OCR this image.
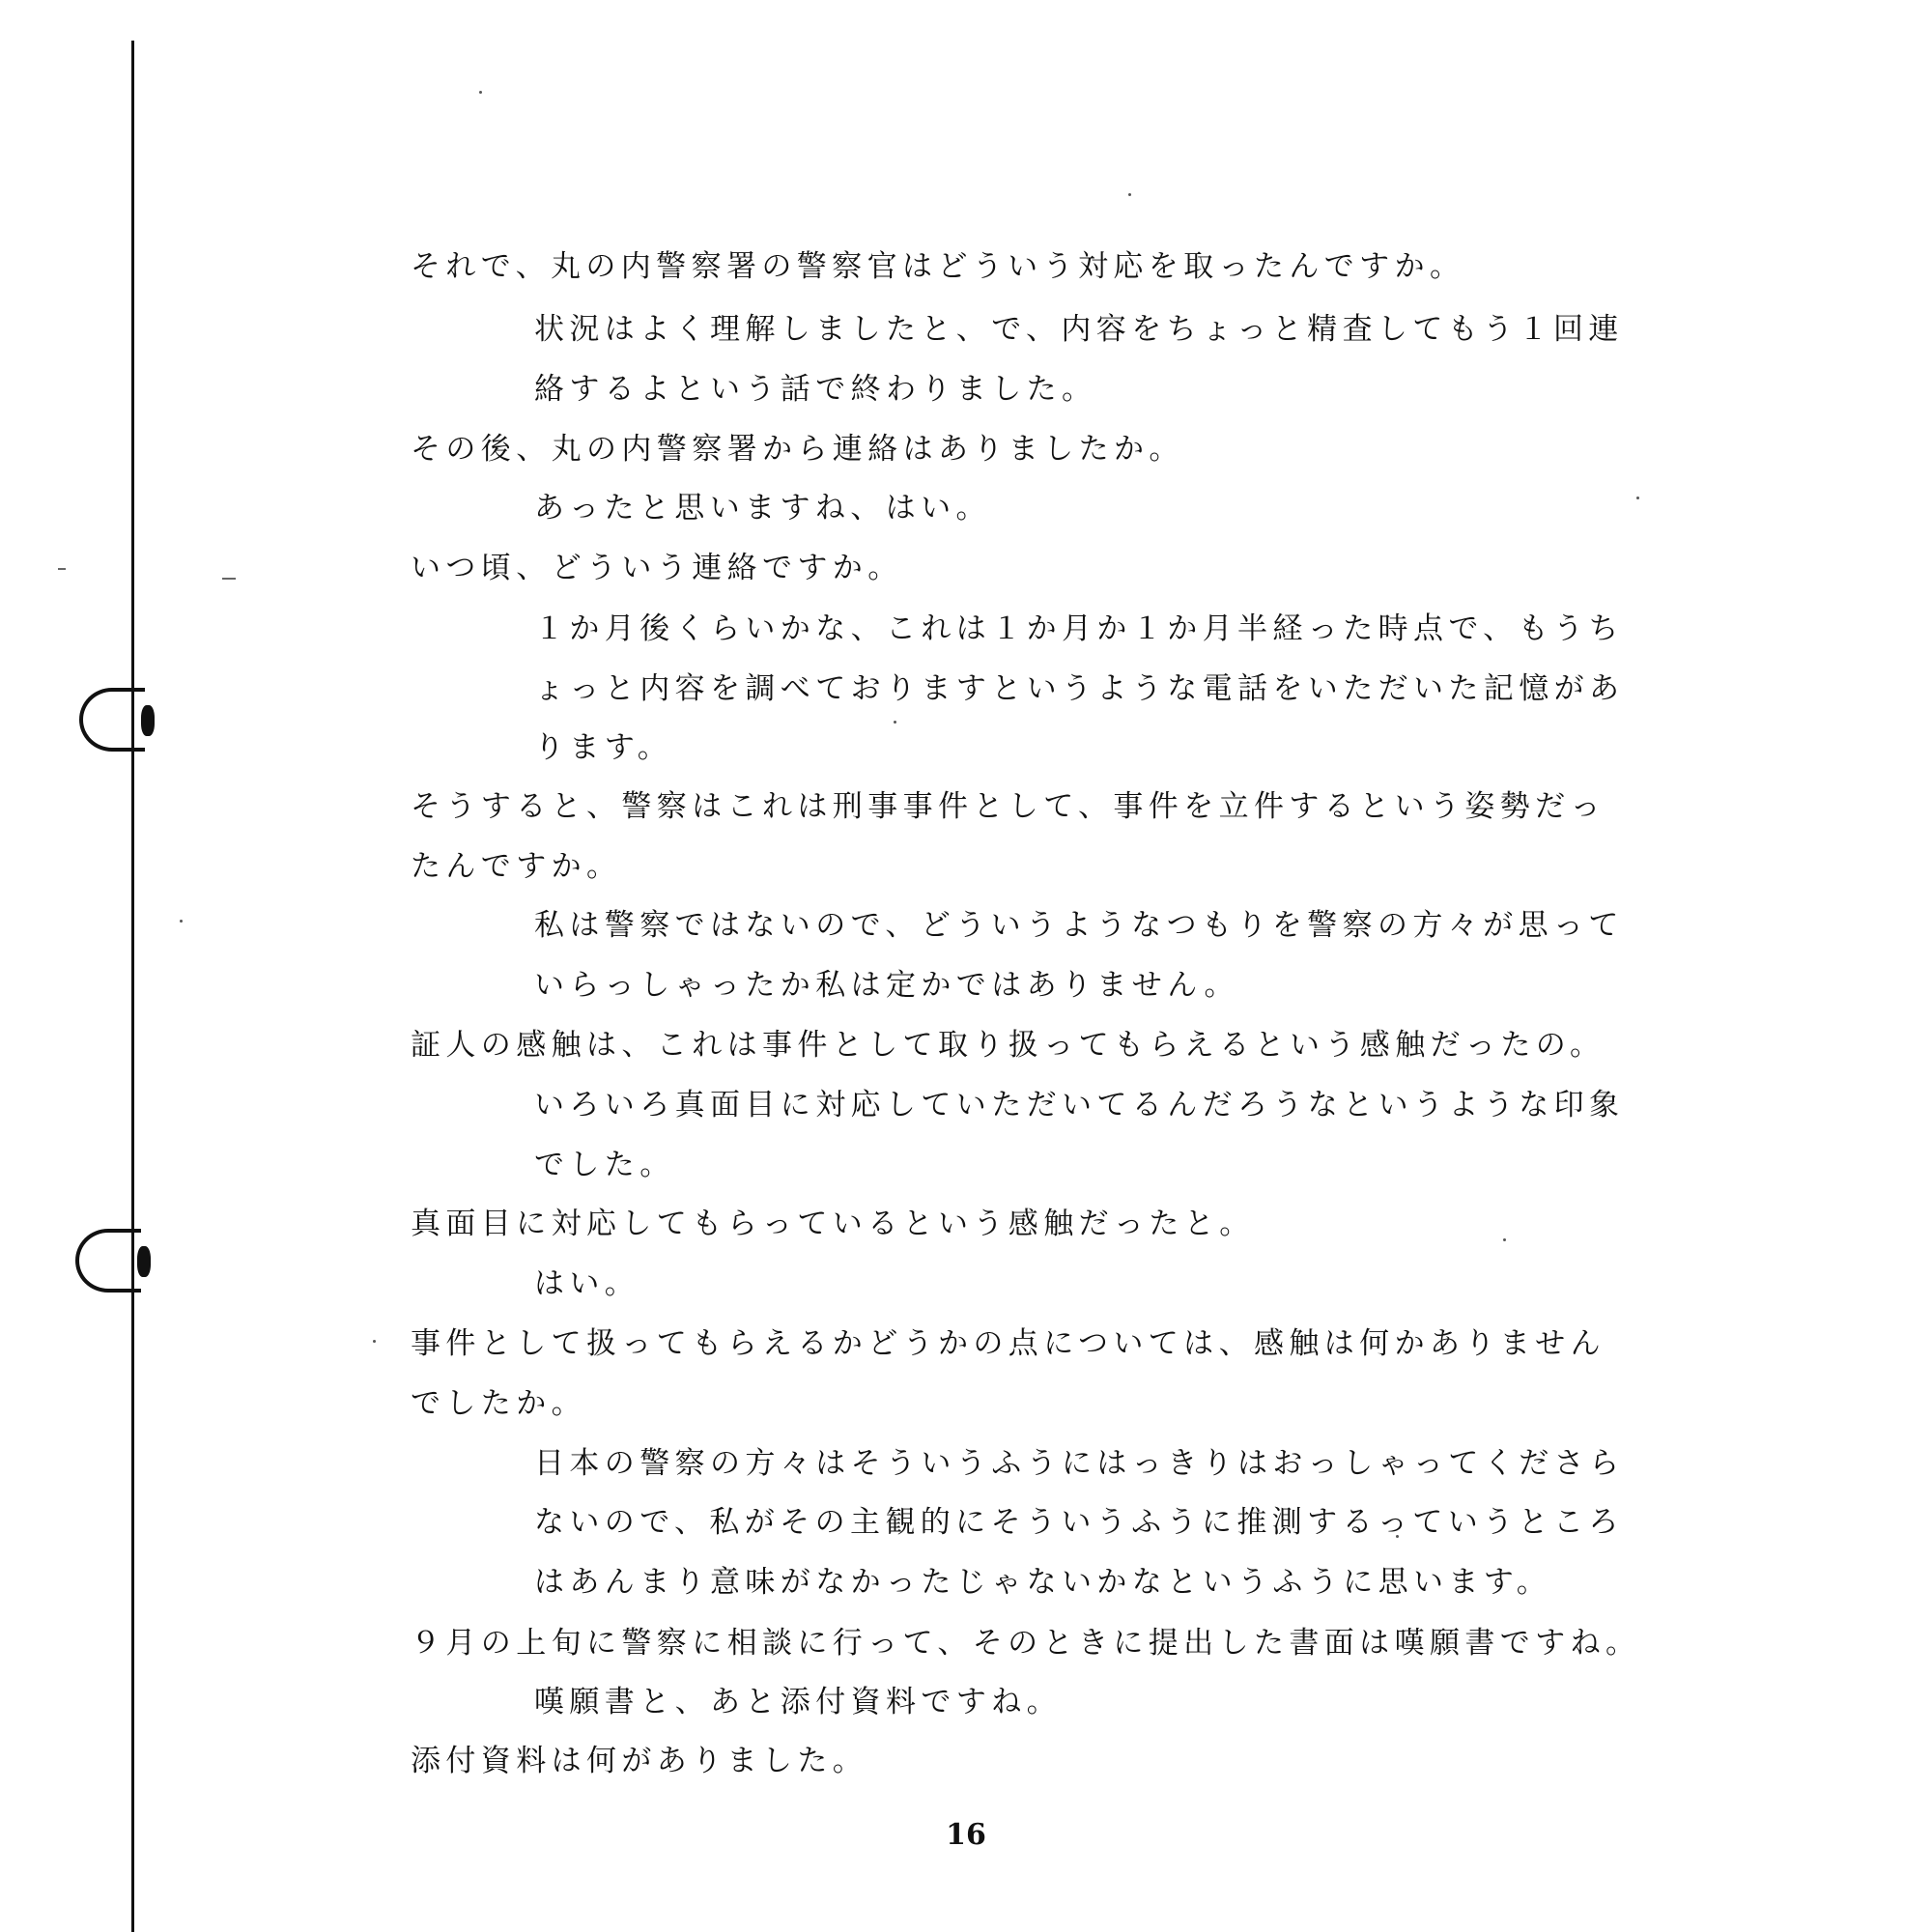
それで、丸の内警察署の警察官はどういう対応を取ったんですか。
状況はよく理解しましたと、で、内容をちょっと精査してもう１回連
絡するよという話で終わりました。
その後、丸の内警察署から連絡はありましたか。
あったと思いますね、はい。
いつ頃、どういう連絡ですか。
１か月後くらいかな、これは１か月か１か月半経った時点で、もうち
ょっと内容を調べておりますというような電話をいただいた記憶があ
ります。
そうすると、警察はこれは刑事事件として、事件を立件するという姿勢だっ
たんですか。
私は警察ではないので、どういうようなつもりを警察の方々が思って
いらっしゃったか私は定かではありません。
証人の感触は、これは事件として取り扱ってもらえるという感触だったの。
いろいろ真面目に対応していただいてるんだろうなというような印象
でした。
真面目に対応してもらっているという感触だったと。
はい。
事件として扱ってもらえるかどうかの点については、感触は何かありません
でしたか。
日本の警察の方々はそういうふうにはっきりはおっしゃってくださら
ないので、私がその主観的にそういうふうに推測するっていうところ
はあんまり意味がなかったじゃないかなというふうに思います。
９月の上旬に警察に相談に行って、そのときに提出した書面は嘆願書ですね。
嘆願書と、あと添付資料ですね。
添付資料は何がありました。
16
